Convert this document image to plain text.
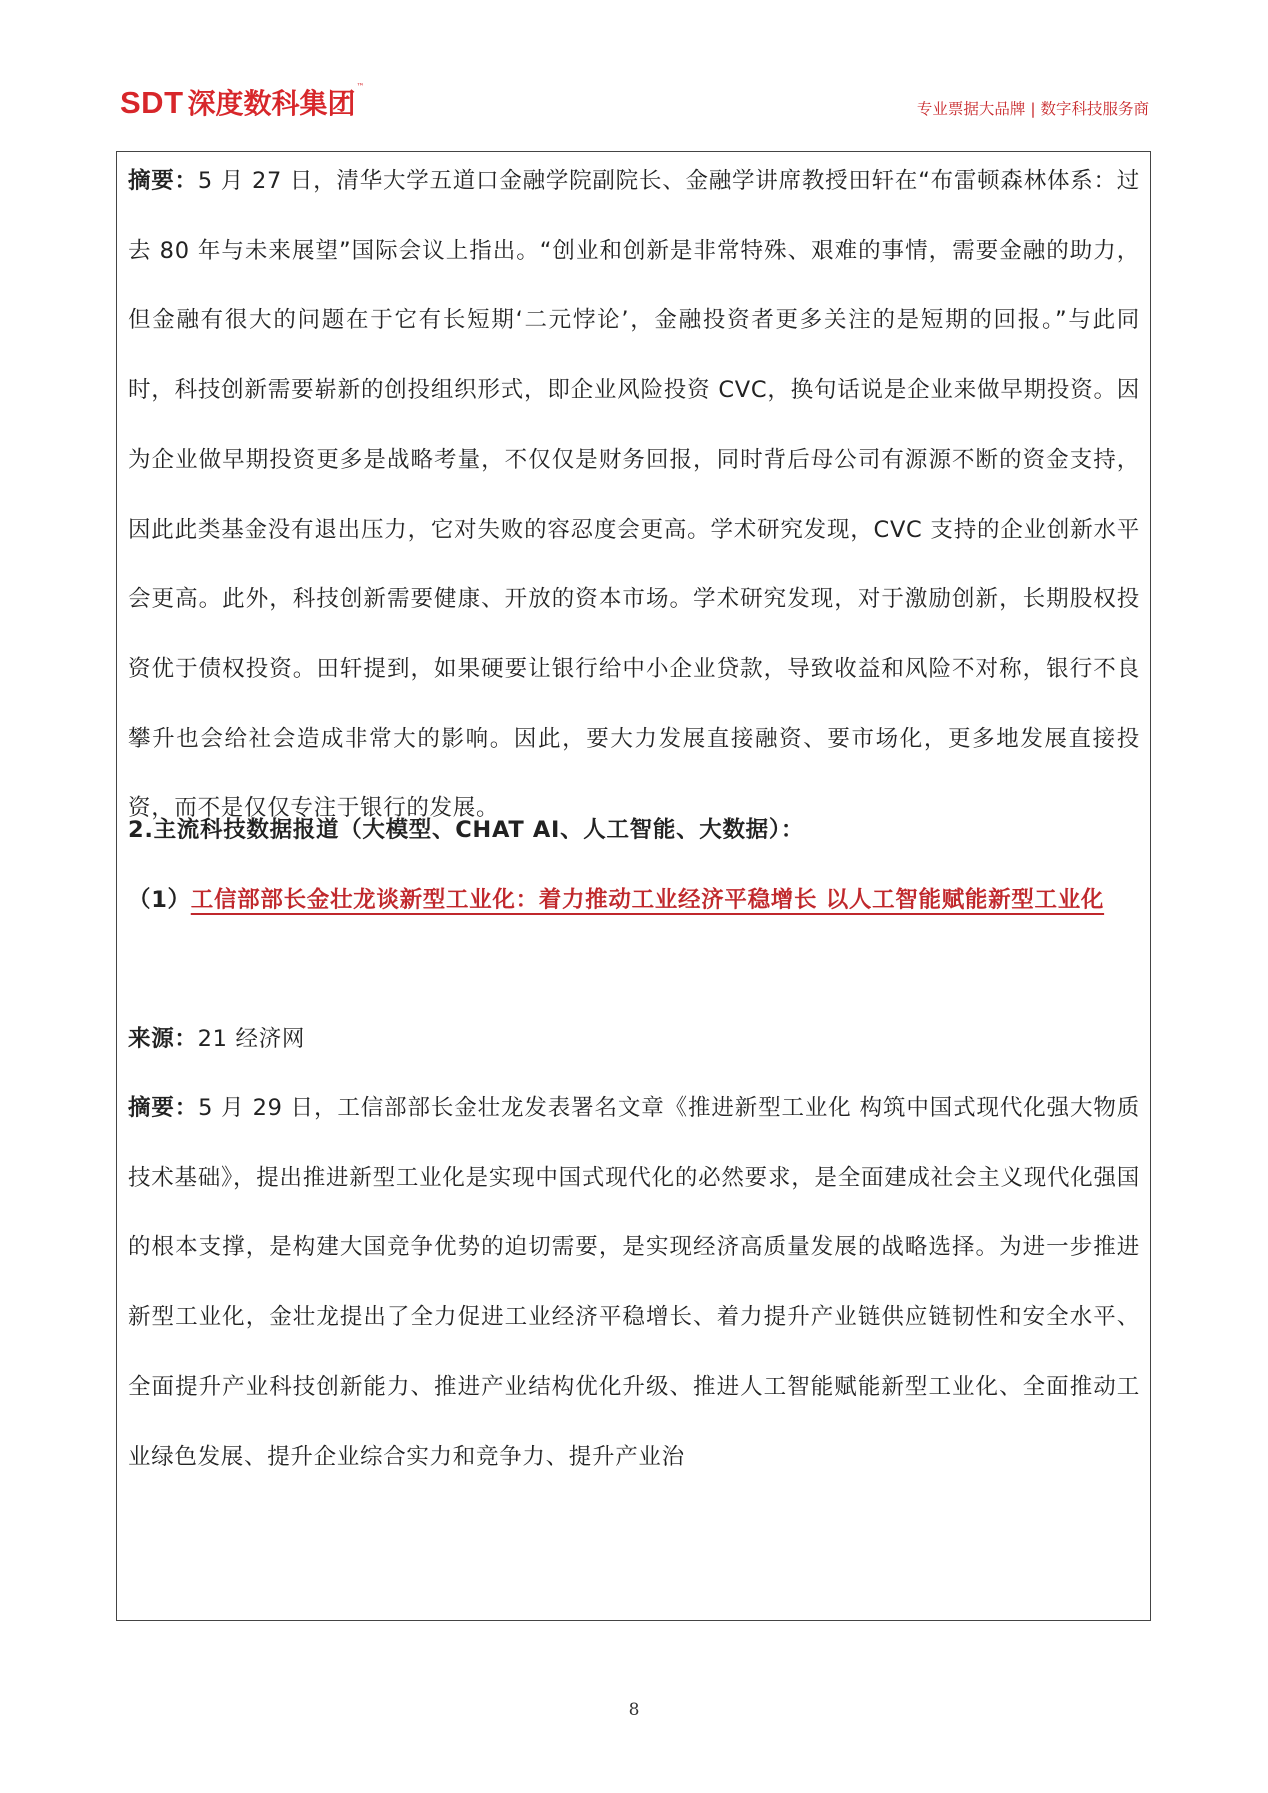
SDT 深度数科集团
™
专业票据大品牌 | 数字科技服务商
摘要：5 月 27 日，清华大学五道口金融学院副院长、金融学讲席教授田轩在“布雷顿森林体系：过去 80 年与未来展望”国际会议上指出。“创业和创新是非常特殊、艰难的事情，需要金融的助力，但金融有很大的问题在于它有长短期‘二元悖论’，金融投资者更多关注的是短期的回报。”与此同时，科技创新需要崭新的创投组织形式，即企业风险投资 CVC，换句话说是企业来做早期投资。因为企业做早期投资更多是战略考量，不仅仅是财务回报，同时背后母公司有源源不断的资金支持，因此此类基金没有退出压力，它对失败的容忍度会更高。学术研究发现，CVC 支持的企业创新水平会更高。此外，科技创新需要健康、开放的资本市场。学术研究发现，对于激励创新，长期股权投资优于债权投资。田轩提到，如果硬要让银行给中小企业贷款，导致收益和风险不对称，银行不良攀升也会给社会造成非常大的影响。因此，要大力发展直接融资、要市场化，更多地发展直接投资，而不是仅仅专注于银行的发展。
2.主流科技数据报道（大模型、CHAT AI、人工智能、大数据）：
（1）工信部部长金壮龙谈新型工业化：着力推动工业经济平稳增长 以人工智能赋能新型工业化
来源：21 经济网
摘要：5 月 29 日，工信部部长金壮龙发表署名文章《推进新型工业化 构筑中国式现代化强大物质技术基础》，提出推进新型工业化是实现中国式现代化的必然要求，是全面建成社会主义现代化强国的根本支撑，是构建大国竞争优势的迫切需要，是实现经济高质量发展的战略选择。为进一步推进新型工业化，金壮龙提出了全力促进工业经济平稳增长、着力提升产业链供应链韧性和安全水平、全面提升产业科技创新能力、推进产业结构优化升级、推进人工智能赋能新型工业化、全面推动工业绿色发展、提升企业综合实力和竞争力、提升产业治
8
